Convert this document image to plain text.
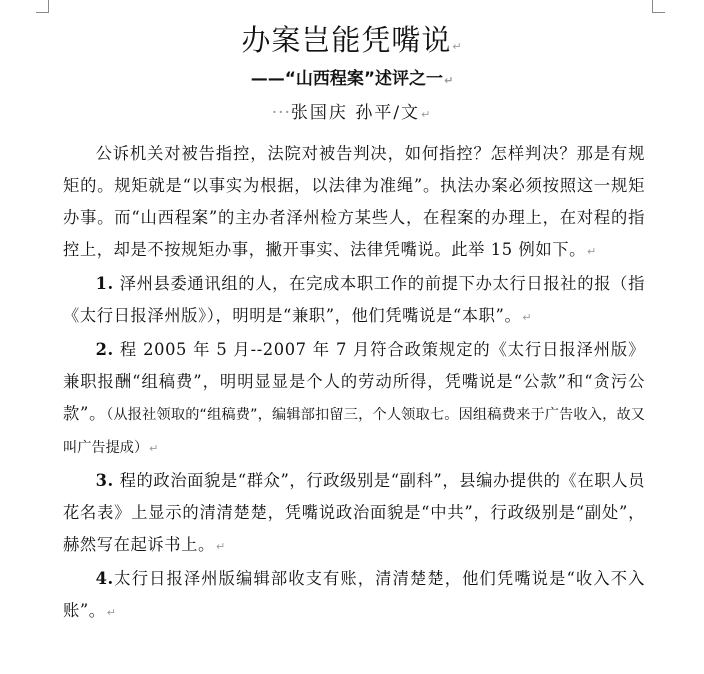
办案岂能凭嘴说↵
——“山西程案”述评之一↵
···张国庆 孙平/文↵

公诉机关对被告指控，法院对被告判决，如何指控？怎样判决？那是有规矩的。规矩就是“以事实为根据，以法律为准绳”。执法办案必须按照这一规矩办事。而“山西程案”的主办者泽州检方某些人，在程案的办理上，在对程的指控上，却是不按规矩办事，撇开事实、法律凭嘴说。此举 15 例如下。↵

1. 泽州县委通讯组的人，在完成本职工作的前提下办太行日报社的报（指《太行日报泽州版》），明明是“兼职”，他们凭嘴说是“本职”。↵

2. 程 2005 年 5 月--2007 年 7 月符合政策规定的《太行日报泽州版》兼职报酬“组稿费”，明明显显是个人的劳动所得，凭嘴说是“公款”和“贪污公款”。（从报社领取的“组稿费”，编辑部扣留三，个人领取七。因组稿费来于广告收入，故又叫广告提成）↵

3. 程的政治面貌是“群众”，行政级别是“副科”，县编办提供的《在职人员花名表》上显示的清清楚楚，凭嘴说政治面貌是“中共”，行政级别是“副处”，赫然写在起诉书上。↵

4.太行日报泽州版编辑部收支有账，清清楚楚，他们凭嘴说是“收入不入账”。↵
